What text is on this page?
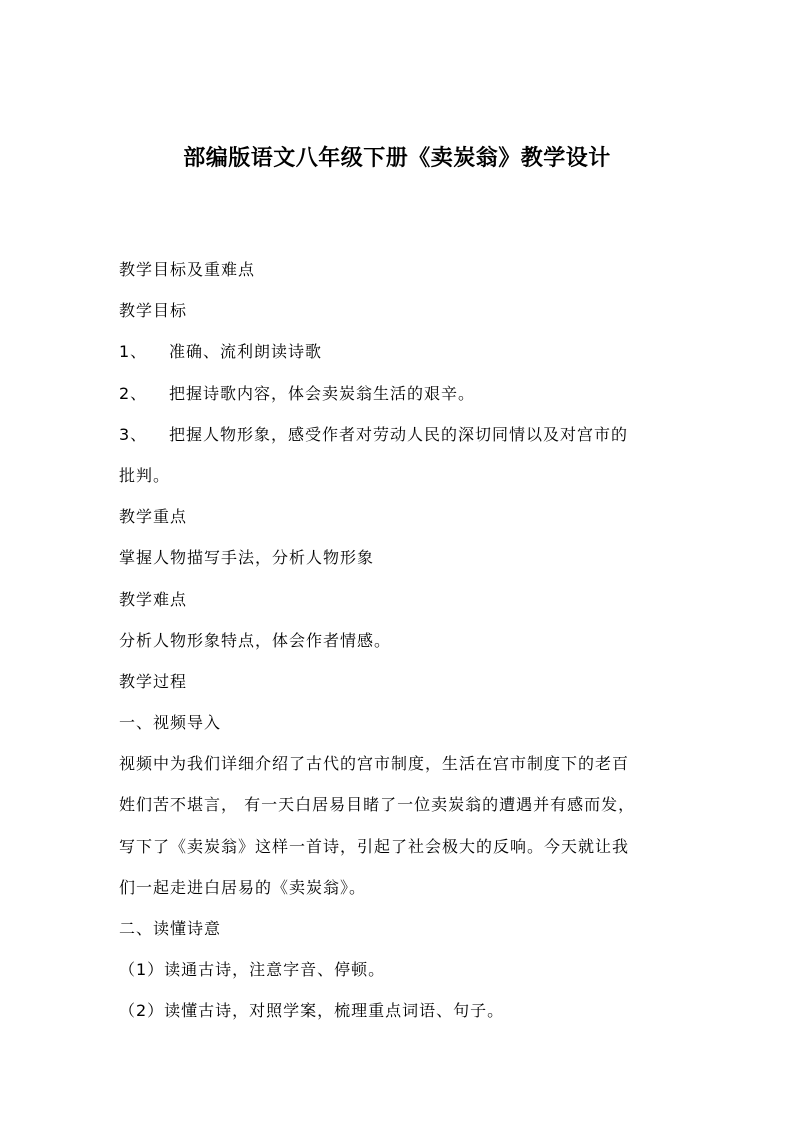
部编版语文八年级下册《卖炭翁》教学设计
教学目标及重难点
教学目标
1、 准确、流利朗读诗歌
2、 把握诗歌内容，体会卖炭翁生活的艰辛。
3、 把握人物形象，感受作者对劳动人民的深切同情以及对宫市的
批判。
教学重点
掌握人物描写手法，分析人物形象
教学难点
分析人物形象特点，体会作者情感。
教学过程
一、视频导入
视频中为我们详细介绍了古代的宫市制度，生活在宫市制度下的老百
姓们苦不堪言， 有一天白居易目睹了一位卖炭翁的遭遇并有感而发，
写下了《卖炭翁》这样一首诗，引起了社会极大的反响。今天就让我
们一起走进白居易的《卖炭翁》。
二、读懂诗意
（1）读通古诗，注意字音、停顿。
（2）读懂古诗，对照学案，梳理重点词语、句子。
